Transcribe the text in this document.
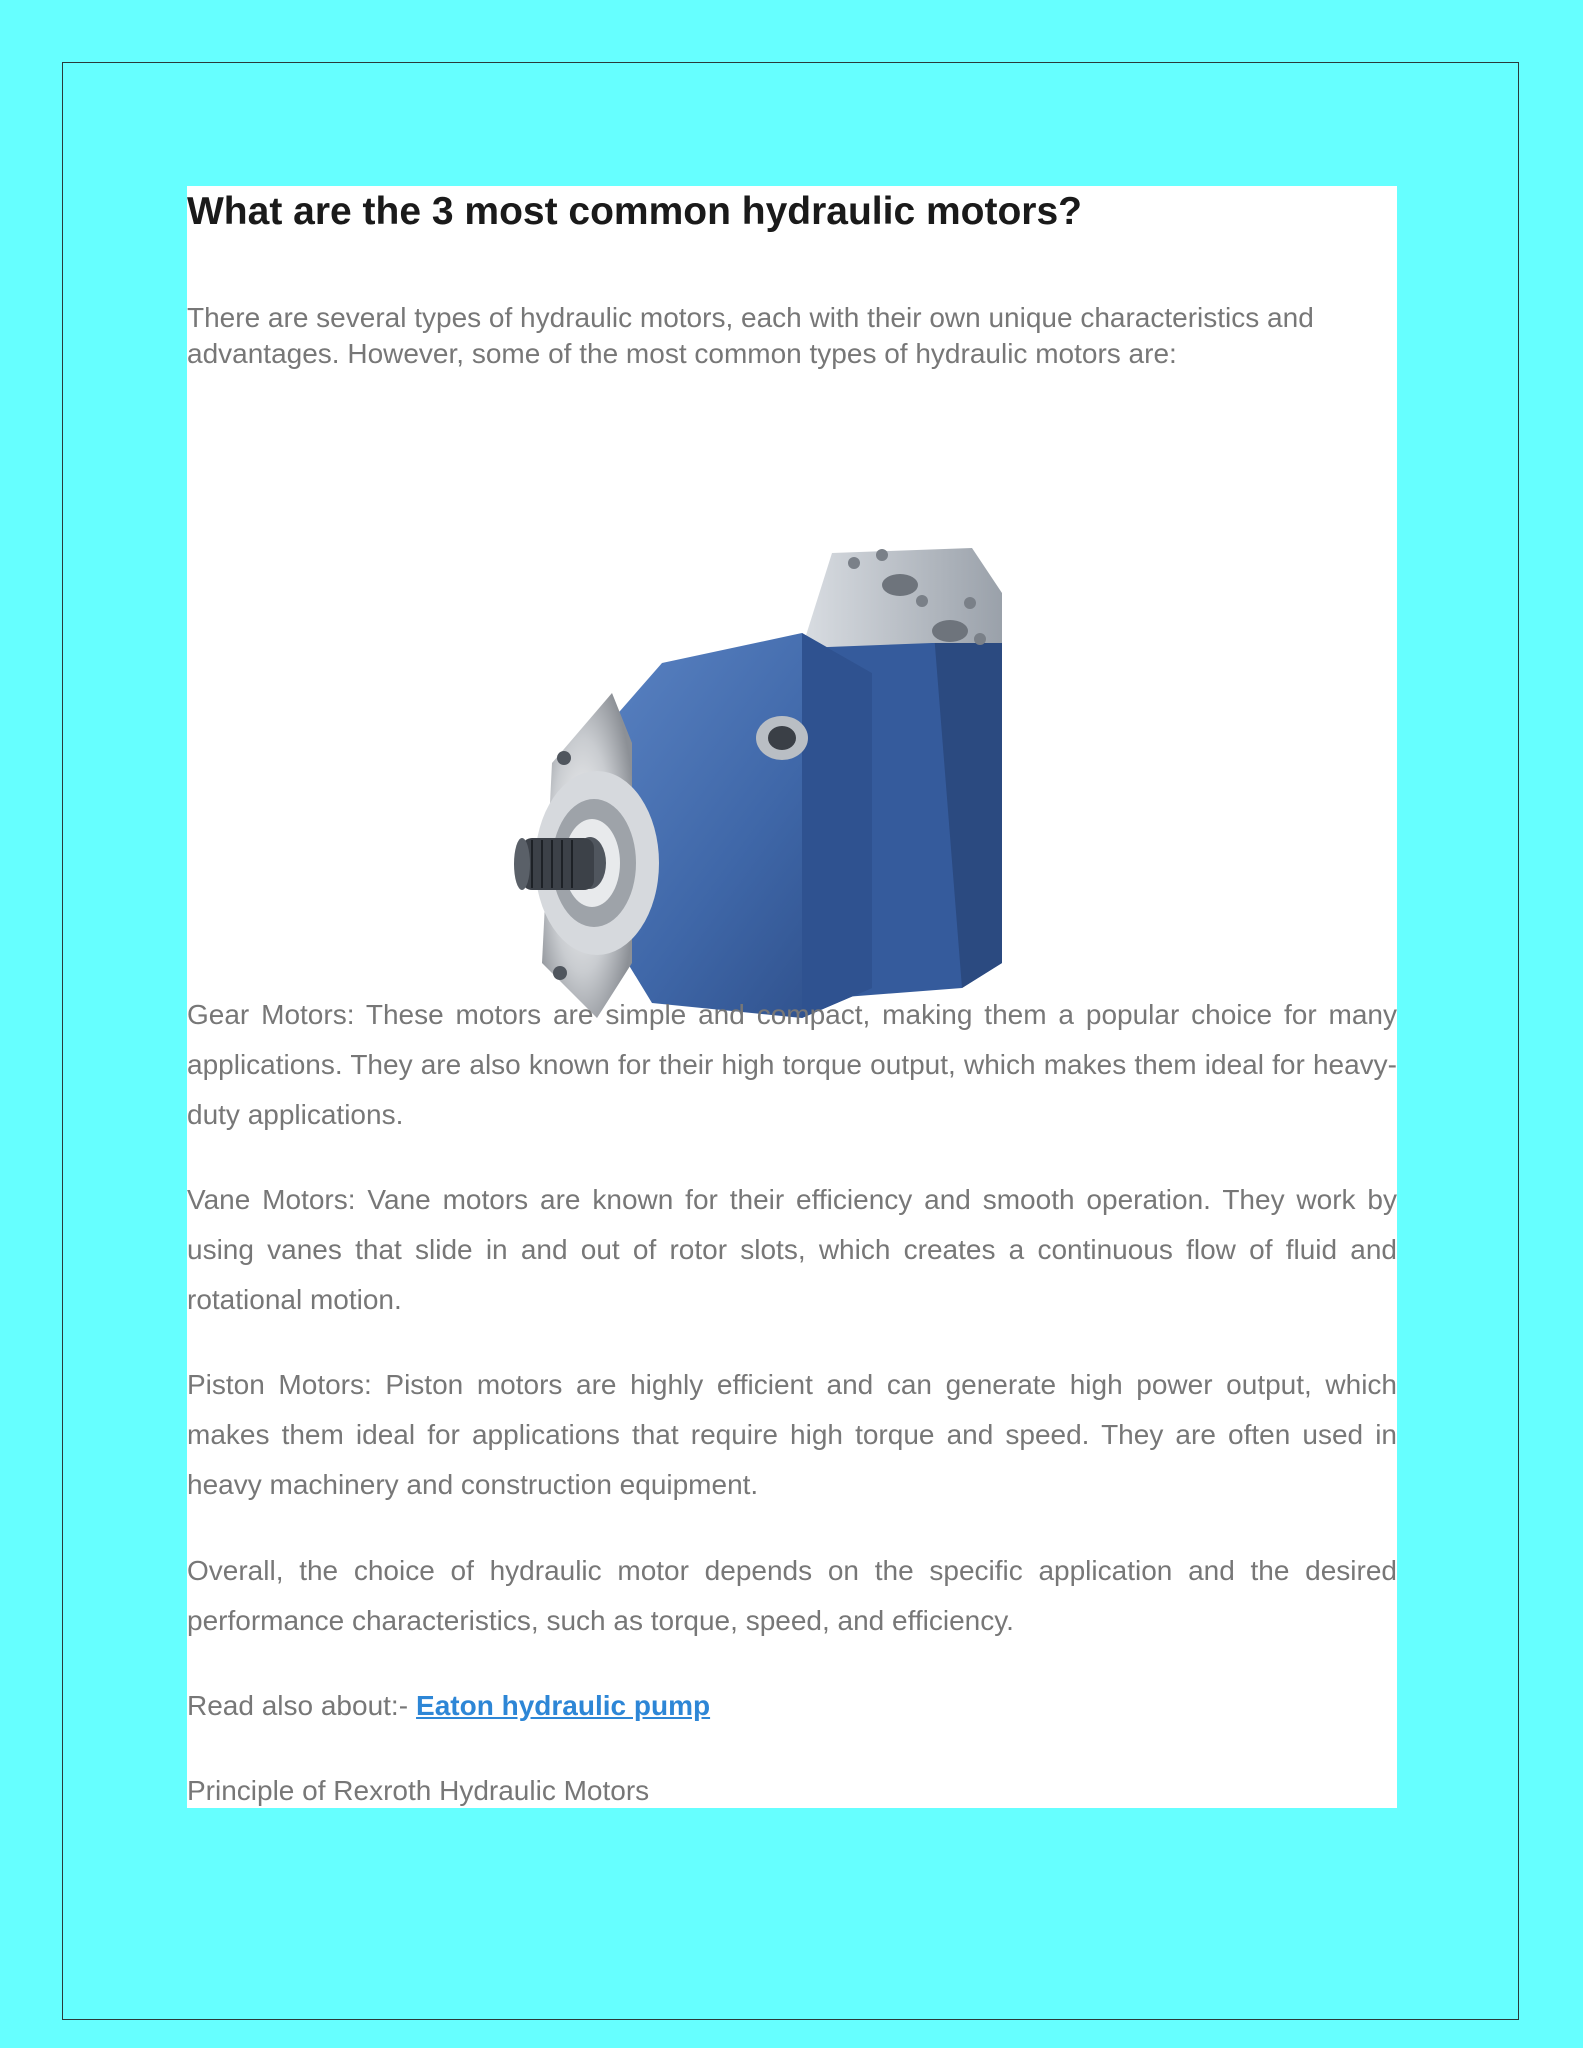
What are the 3 most common hydraulic motors?

There are several types of hydraulic motors, each with their own unique characteristics and advantages. However, some of the most common types of hydraulic motors are:

Gear Motors: These motors are simple and compact, making them a popular choice for many applications. They are also known for their high torque output, which makes them ideal for heavy-duty applications.

Vane Motors: Vane motors are known for their efficiency and smooth operation. They work by using vanes that slide in and out of rotor slots, which creates a continuous flow of fluid and rotational motion.

Piston Motors: Piston motors are highly efficient and can generate high power output, which makes them ideal for applications that require high torque and speed. They are often used in heavy machinery and construction equipment.

Overall, the choice of hydraulic motor depends on the specific application and the desired performance characteristics, such as torque, speed, and efficiency.

Read also about:- Eaton hydraulic pump

Principle of Rexroth Hydraulic Motors
